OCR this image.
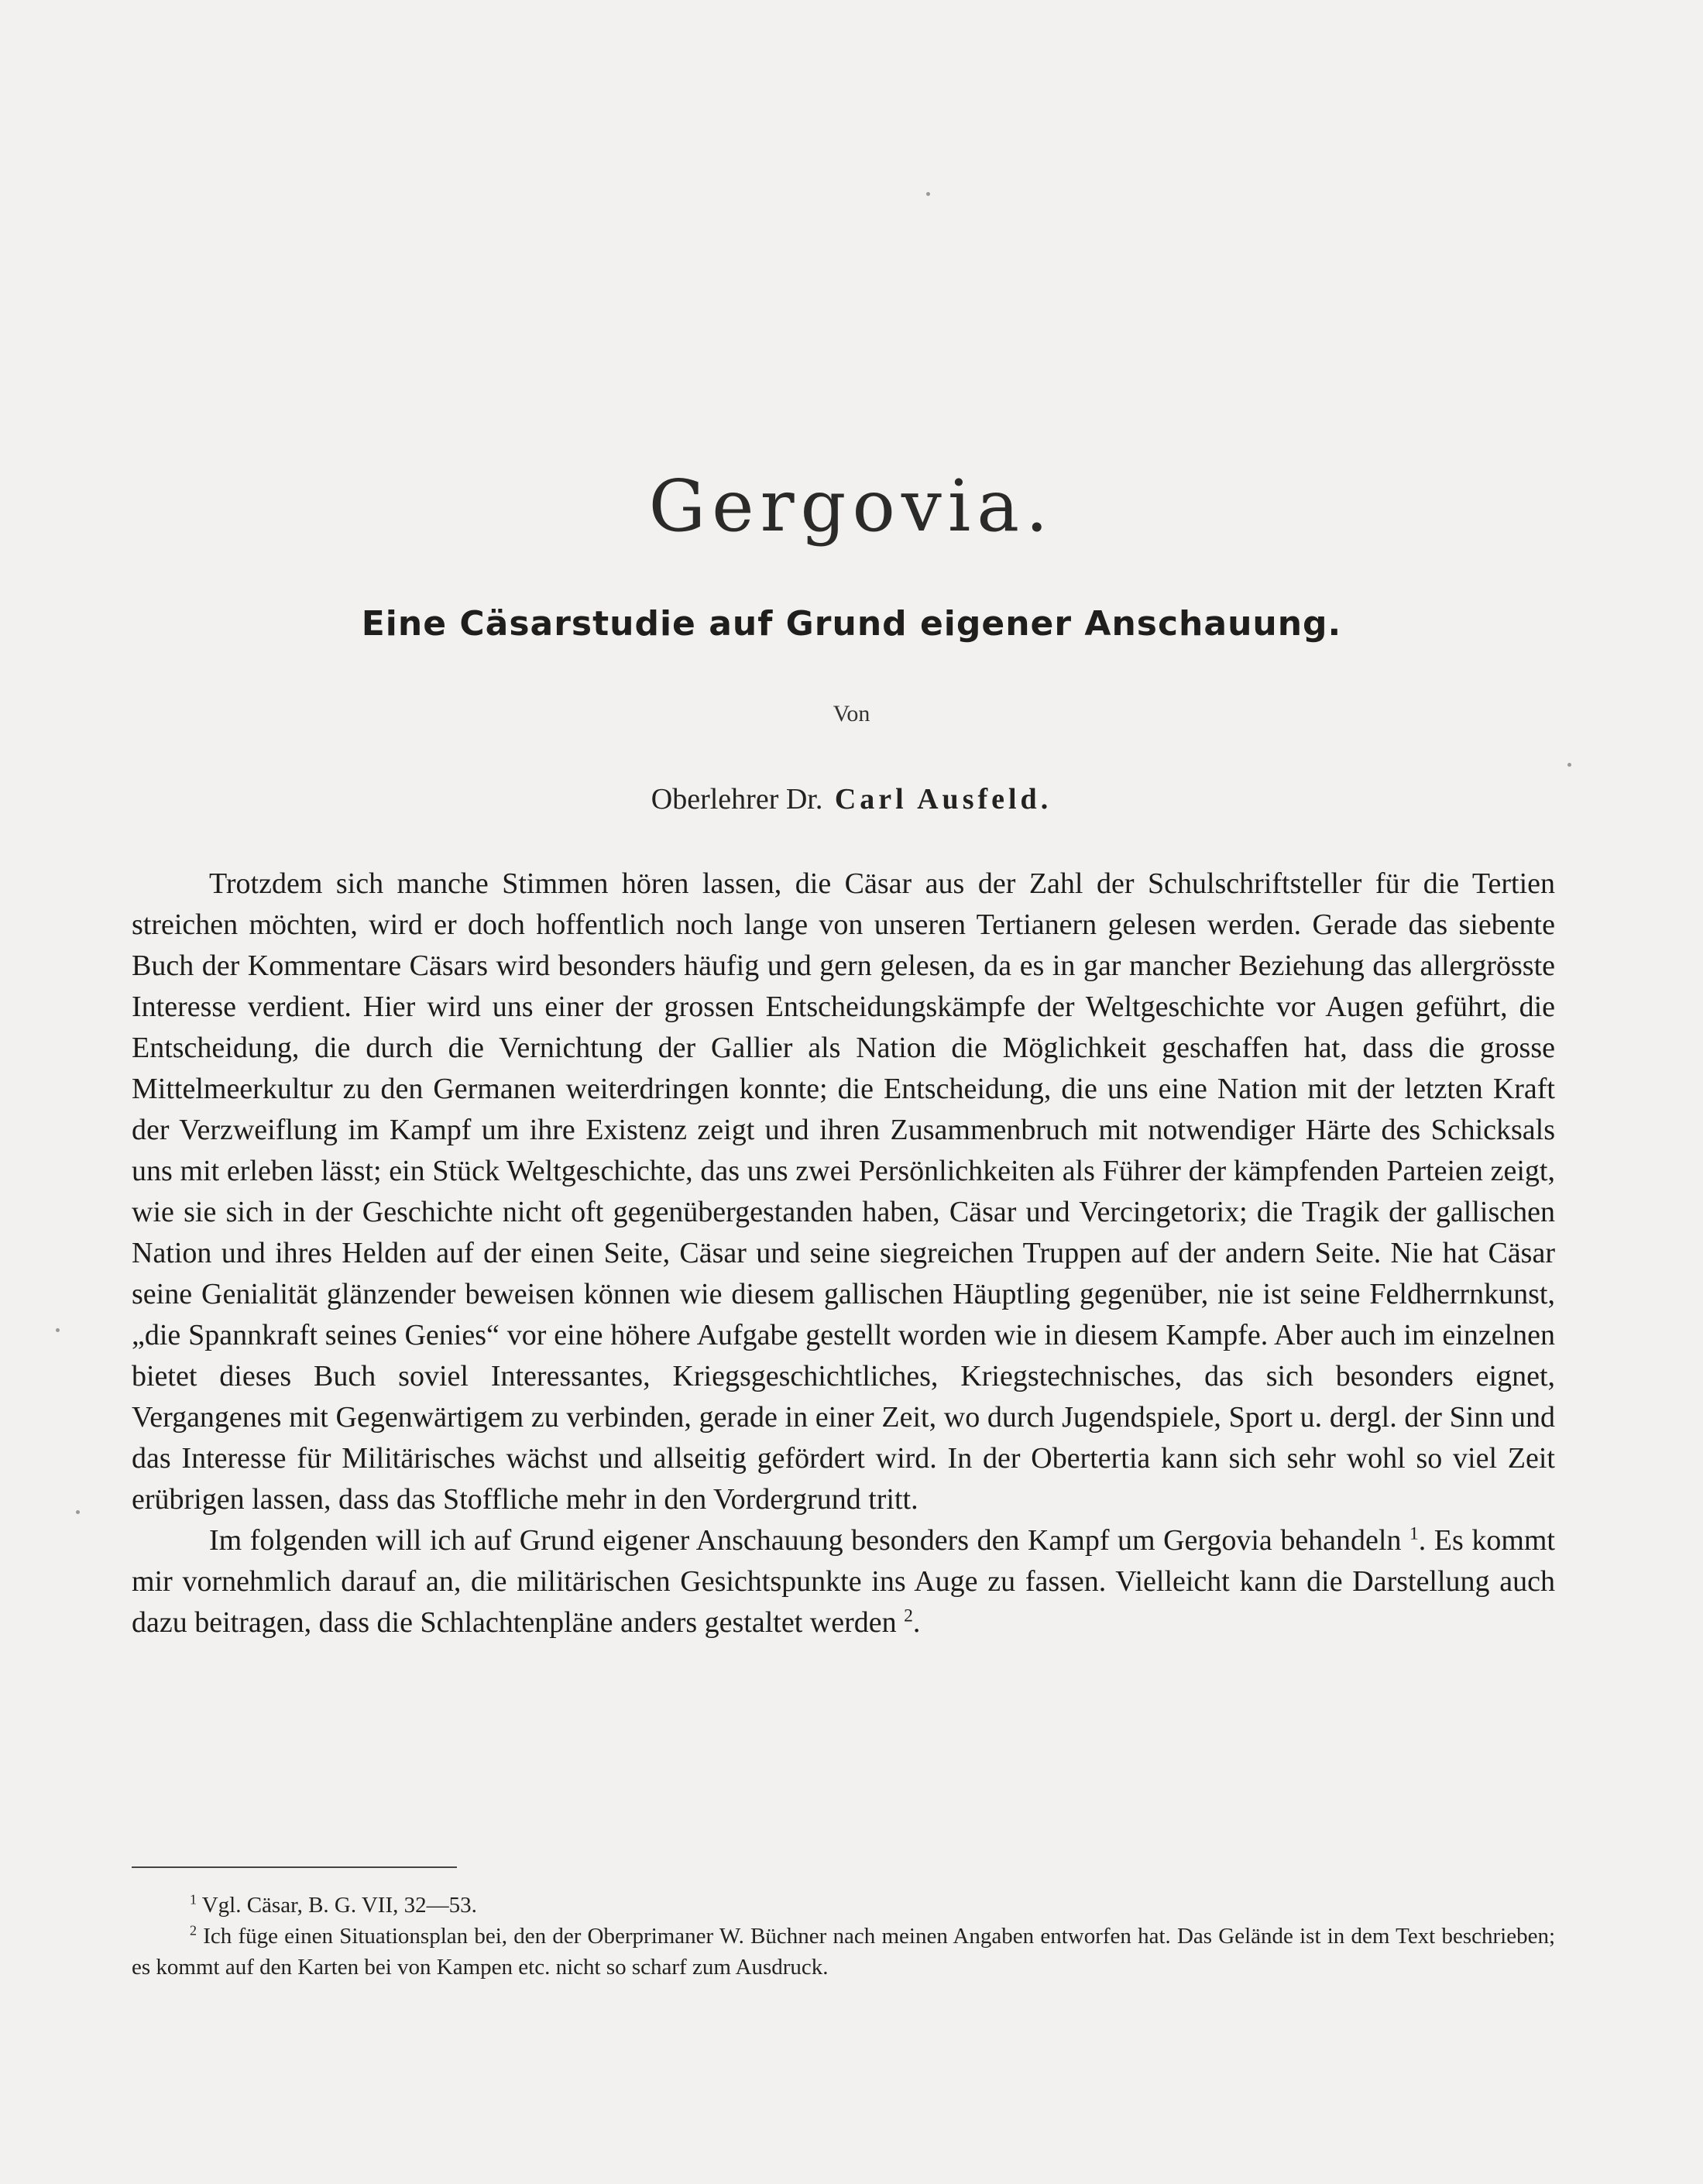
Gergovia.
Eine Cäsarstudie auf Grund eigener Anschauung.
Von
Oberlehrer Dr. Carl Ausfeld.

Trotzdem sich manche Stimmen hören lassen, die Cäsar aus der Zahl der Schulschriftsteller für die Tertien streichen möchten, wird er doch hoffentlich noch lange von unseren Tertianern gelesen werden. Gerade das siebente Buch der Kommentare Cäsars wird besonders häufig und gern gelesen, da es in gar mancher Beziehung das allergrösste Interesse verdient. Hier wird uns einer der grossen Entscheidungskämpfe der Weltgeschichte vor Augen geführt, die Entscheidung, die durch die Vernichtung der Gallier als Nation die Möglichkeit geschaffen hat, dass die grosse Mittelmeerkultur zu den Germanen weiterdringen konnte; die Entscheidung, die uns eine Nation mit der letzten Kraft der Verzweiflung im Kampf um ihre Existenz zeigt und ihren Zusammenbruch mit notwendiger Härte des Schicksals uns mit erleben lässt; ein Stück Weltgeschichte, das uns zwei Persönlichkeiten als Führer der kämpfenden Parteien zeigt, wie sie sich in der Geschichte nicht oft gegenübergestanden haben, Cäsar und Vercingetorix; die Tragik der gallischen Nation und ihres Helden auf der einen Seite, Cäsar und seine siegreichen Truppen auf der andern Seite. Nie hat Cäsar seine Genialität glänzender beweisen können wie diesem gallischen Häuptling gegenüber, nie ist seine Feldherrnkunst, „die Spannkraft seines Genies“ vor eine höhere Aufgabe gestellt worden wie in diesem Kampfe. Aber auch im einzelnen bietet dieses Buch soviel Interessantes, Kriegsgeschichtliches, Kriegstechnisches, das sich besonders eignet, Vergangenes mit Gegenwärtigem zu verbinden, gerade in einer Zeit, wo durch Jugendspiele, Sport u. dergl. der Sinn und das Interesse für Militärisches wächst und allseitig gefördert wird. In der Obertertia kann sich sehr wohl so viel Zeit erübrigen lassen, dass das Stoffliche mehr in den Vordergrund tritt.

Im folgenden will ich auf Grund eigener Anschauung besonders den Kampf um Gergovia behandeln $^1$. Es kommt mir vornehmlich darauf an, die militärischen Gesichtspunkte ins Auge zu fassen. Vielleicht kann die Darstellung auch dazu beitragen, dass die Schlachtenpläne anders gestaltet werden $^2$.

$^1$ Vgl. Cäsar, B. G. VII, 32—53.

$^2$ Ich füge einen Situationsplan bei, den der Oberprimaner W. Büchner nach meinen Angaben entworfen hat. Das Gelände ist in dem Text beschrieben; es kommt auf den Karten bei von Kampen etc. nicht so scharf zum Ausdruck.
